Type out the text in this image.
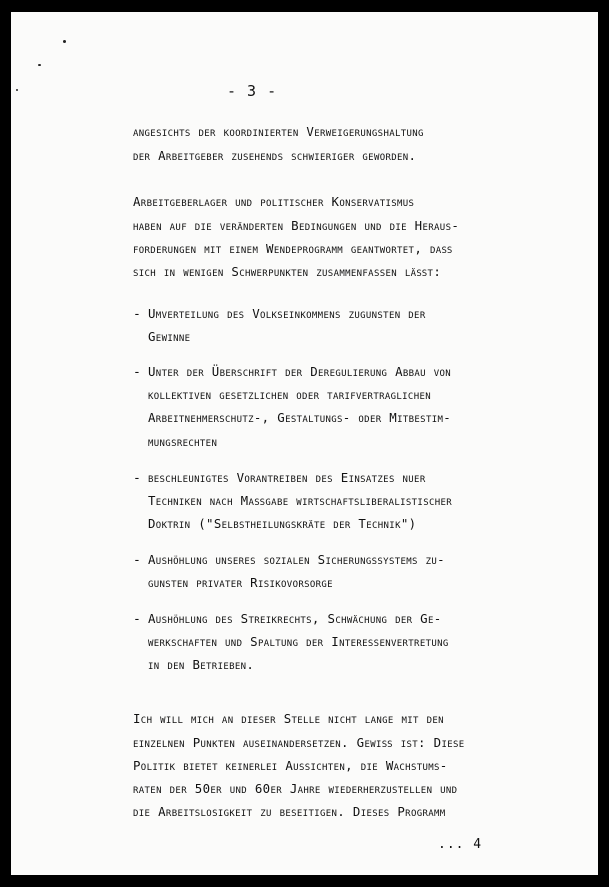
- 3 -
angesichts der koordinierten Verweigerungshaltung
der Arbeitgeber zusehends schwieriger geworden.
Arbeitgeberlager und politischer Konservatismus
haben auf die veränderten Bedingungen und die Heraus-
forderungen mit einem Wendeprogramm geantwortet, daß
sich in wenigen Schwerpunkten zusammenfassen läßt:
- Umverteilung des Volkseinkommens zugunsten der
Gewinne
- Unter der Überschrift der Deregulierung Abbau von
kollektiven gesetzlichen oder tarifvertraglichen
Arbeitnehmerschutz-, Gestaltungs- oder Mitbestim-
mungsrechten
- beschleunigtes Vorantreiben des Einsatzes nuer
Techniken nach Maßgabe wirtschaftsliberalistischer
Doktrin ("Selbstheilungskräte der Technik")
- Aushöhlung unseres sozialen Sicherungssystems zu-
gunsten privater Risikovorsorge
- Aushöhlung des Streikrechts, Schwächung der Ge-
werkschaften und Spaltung der Interessenvertretung
in den Betrieben.
Ich will mich an dieser Stelle nicht lange mit den
einzelnen Punkten auseinandersetzen. Gewiß ist: Diese
Politik bietet keinerlei Aussichten, die Wachstums-
raten der 50er und 60er Jahre wiederherzustellen und
die Arbeitslosigkeit zu beseitigen. Dieses Programm
... 4
